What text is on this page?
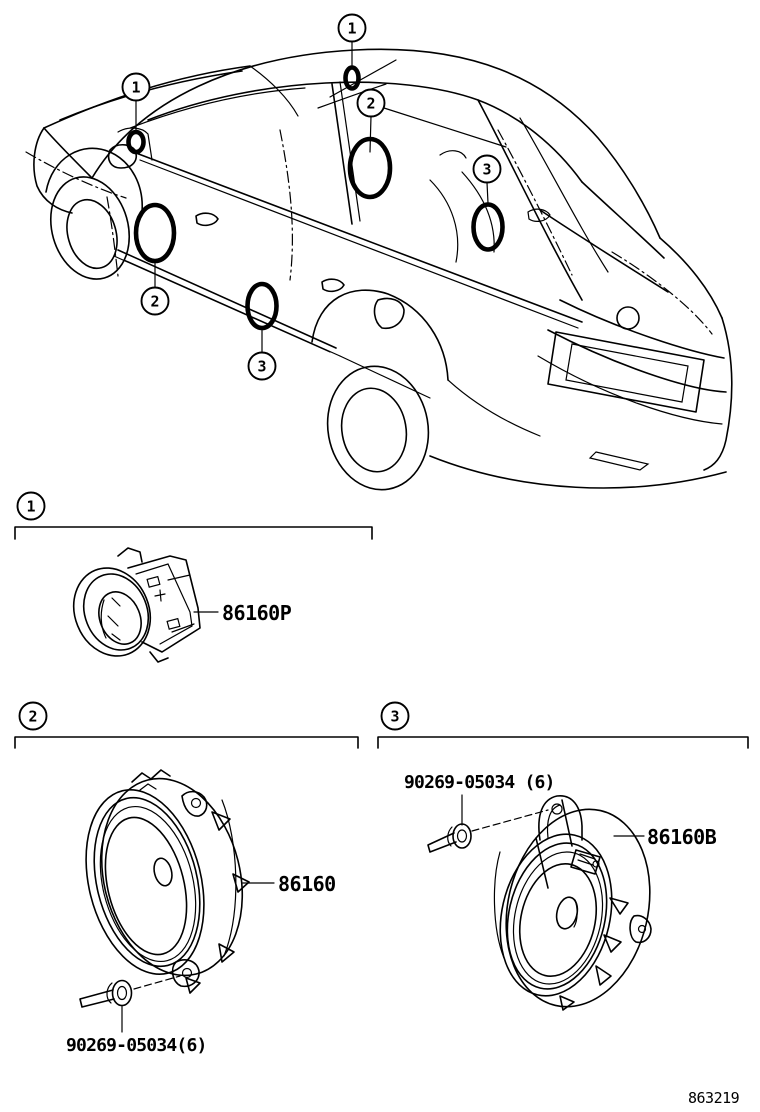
1
1
2
2
3
3
1
2	3
86160P
86160
90269-05034(6)
86160B
90269-05034 (6)
863219
